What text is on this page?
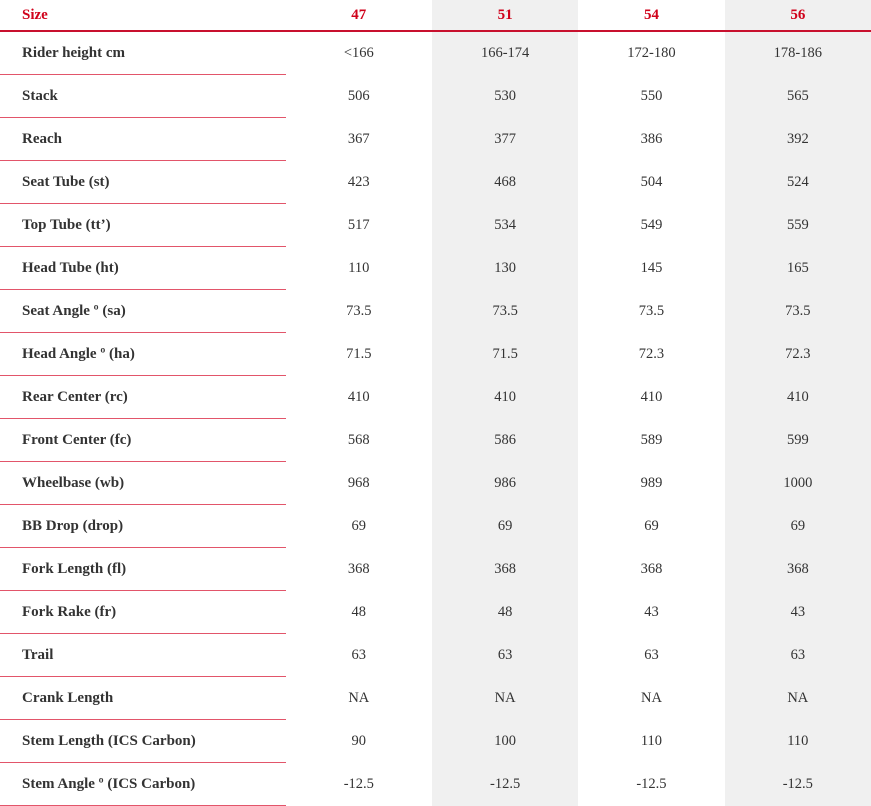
Size	47	51	54	56
Rider height cm	<166	166-174	172-180	178-186
Stack	506	530	550	565
Reach	367	377	386	392
Seat Tube (st)	423	468	504	524
Top Tube (tt’)	517	534	549	559
Head Tube (ht)	110	130	145	165
Seat Angle º (sa)	73.5	73.5	73.5	73.5
Head Angle º (ha)	71.5	71.5	72.3	72.3
Rear Center (rc)	410	410	410	410
Front Center (fc)	568	586	589	599
Wheelbase (wb)	968	986	989	1000
BB Drop (drop)	69	69	69	69
Fork Length (fl)	368	368	368	368
Fork Rake (fr)	48	48	43	43
Trail	63	63	63	63
Crank Length	NA	NA	NA	NA
Stem Length (ICS Carbon)	90	100	110	110
Stem Angle º (ICS Carbon)	-12.5	-12.5	-12.5	-12.5
